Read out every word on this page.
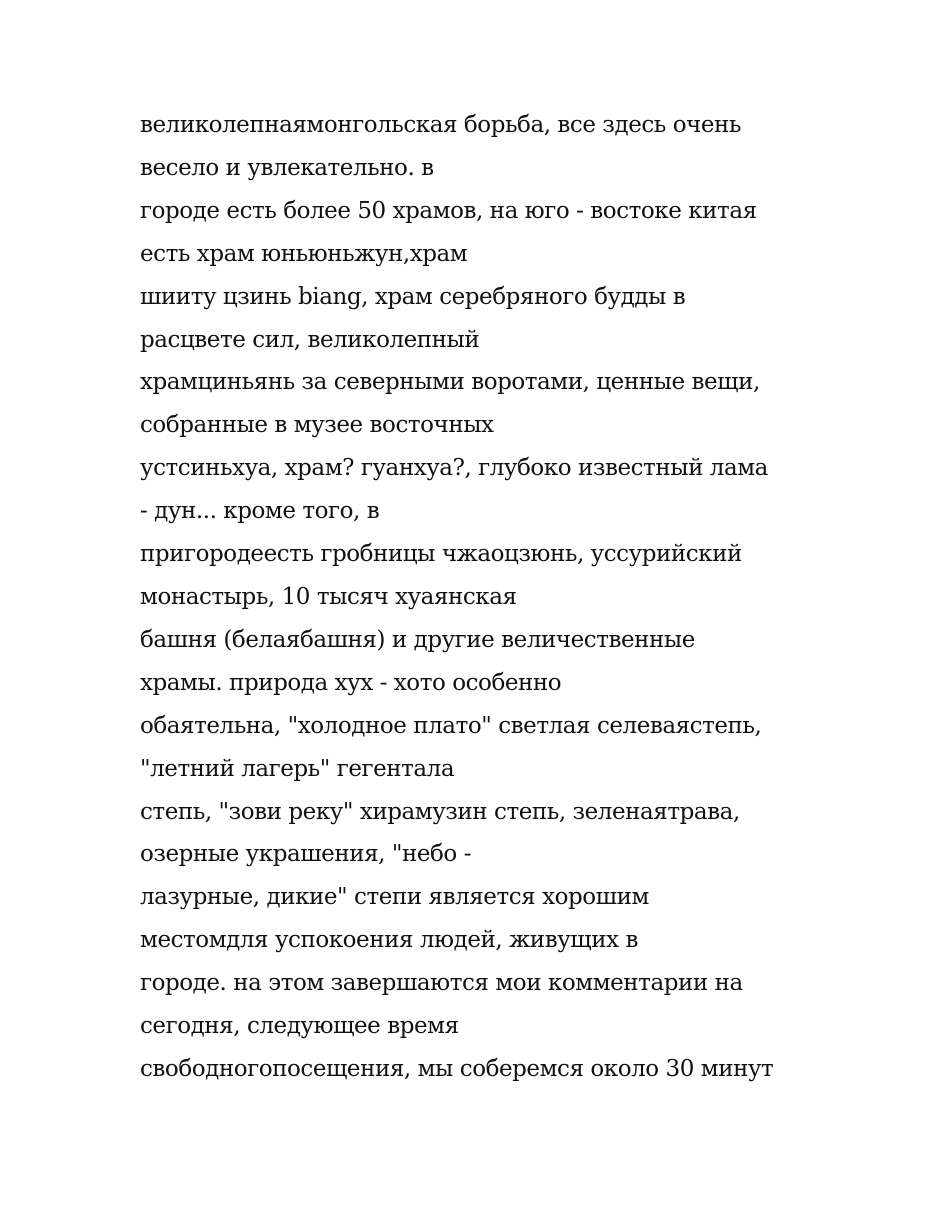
великолепнаямонгольская борьба, все здесь очень
весело и увлекательно. в
городе есть более 50 храмов, на юго - востоке китая
есть храм юньюньжун,храм
шииту цзинь biang, храм серебряного будды в
расцвете сил, великолепный
храмциньянь за северными воротами, ценные вещи,
собранные в музее восточных
устсиньхуа, храм? гуанхуа?, глубоко известный лама
- дун... кроме того, в
пригородеесть гробницы чжаоцзюнь, уссурийский
монастырь, 10 тысяч хуаянская
башня (белаябашня) и другие величественные
храмы. природа хух - хото особенно
обаятельна, "холодное плато" светлая селеваястепь,
"летний лагерь" гегентала
степь, "зови реку" хирамузин степь, зеленаятрава,
озерные украшения, "небо -
лазурные, дикие" степи является хорошим
местомдля успокоения людей, живущих в
городе. на этом завершаются мои комментарии на
сегодня, следующее время
свободногопосещения, мы соберемся около 30 минут
